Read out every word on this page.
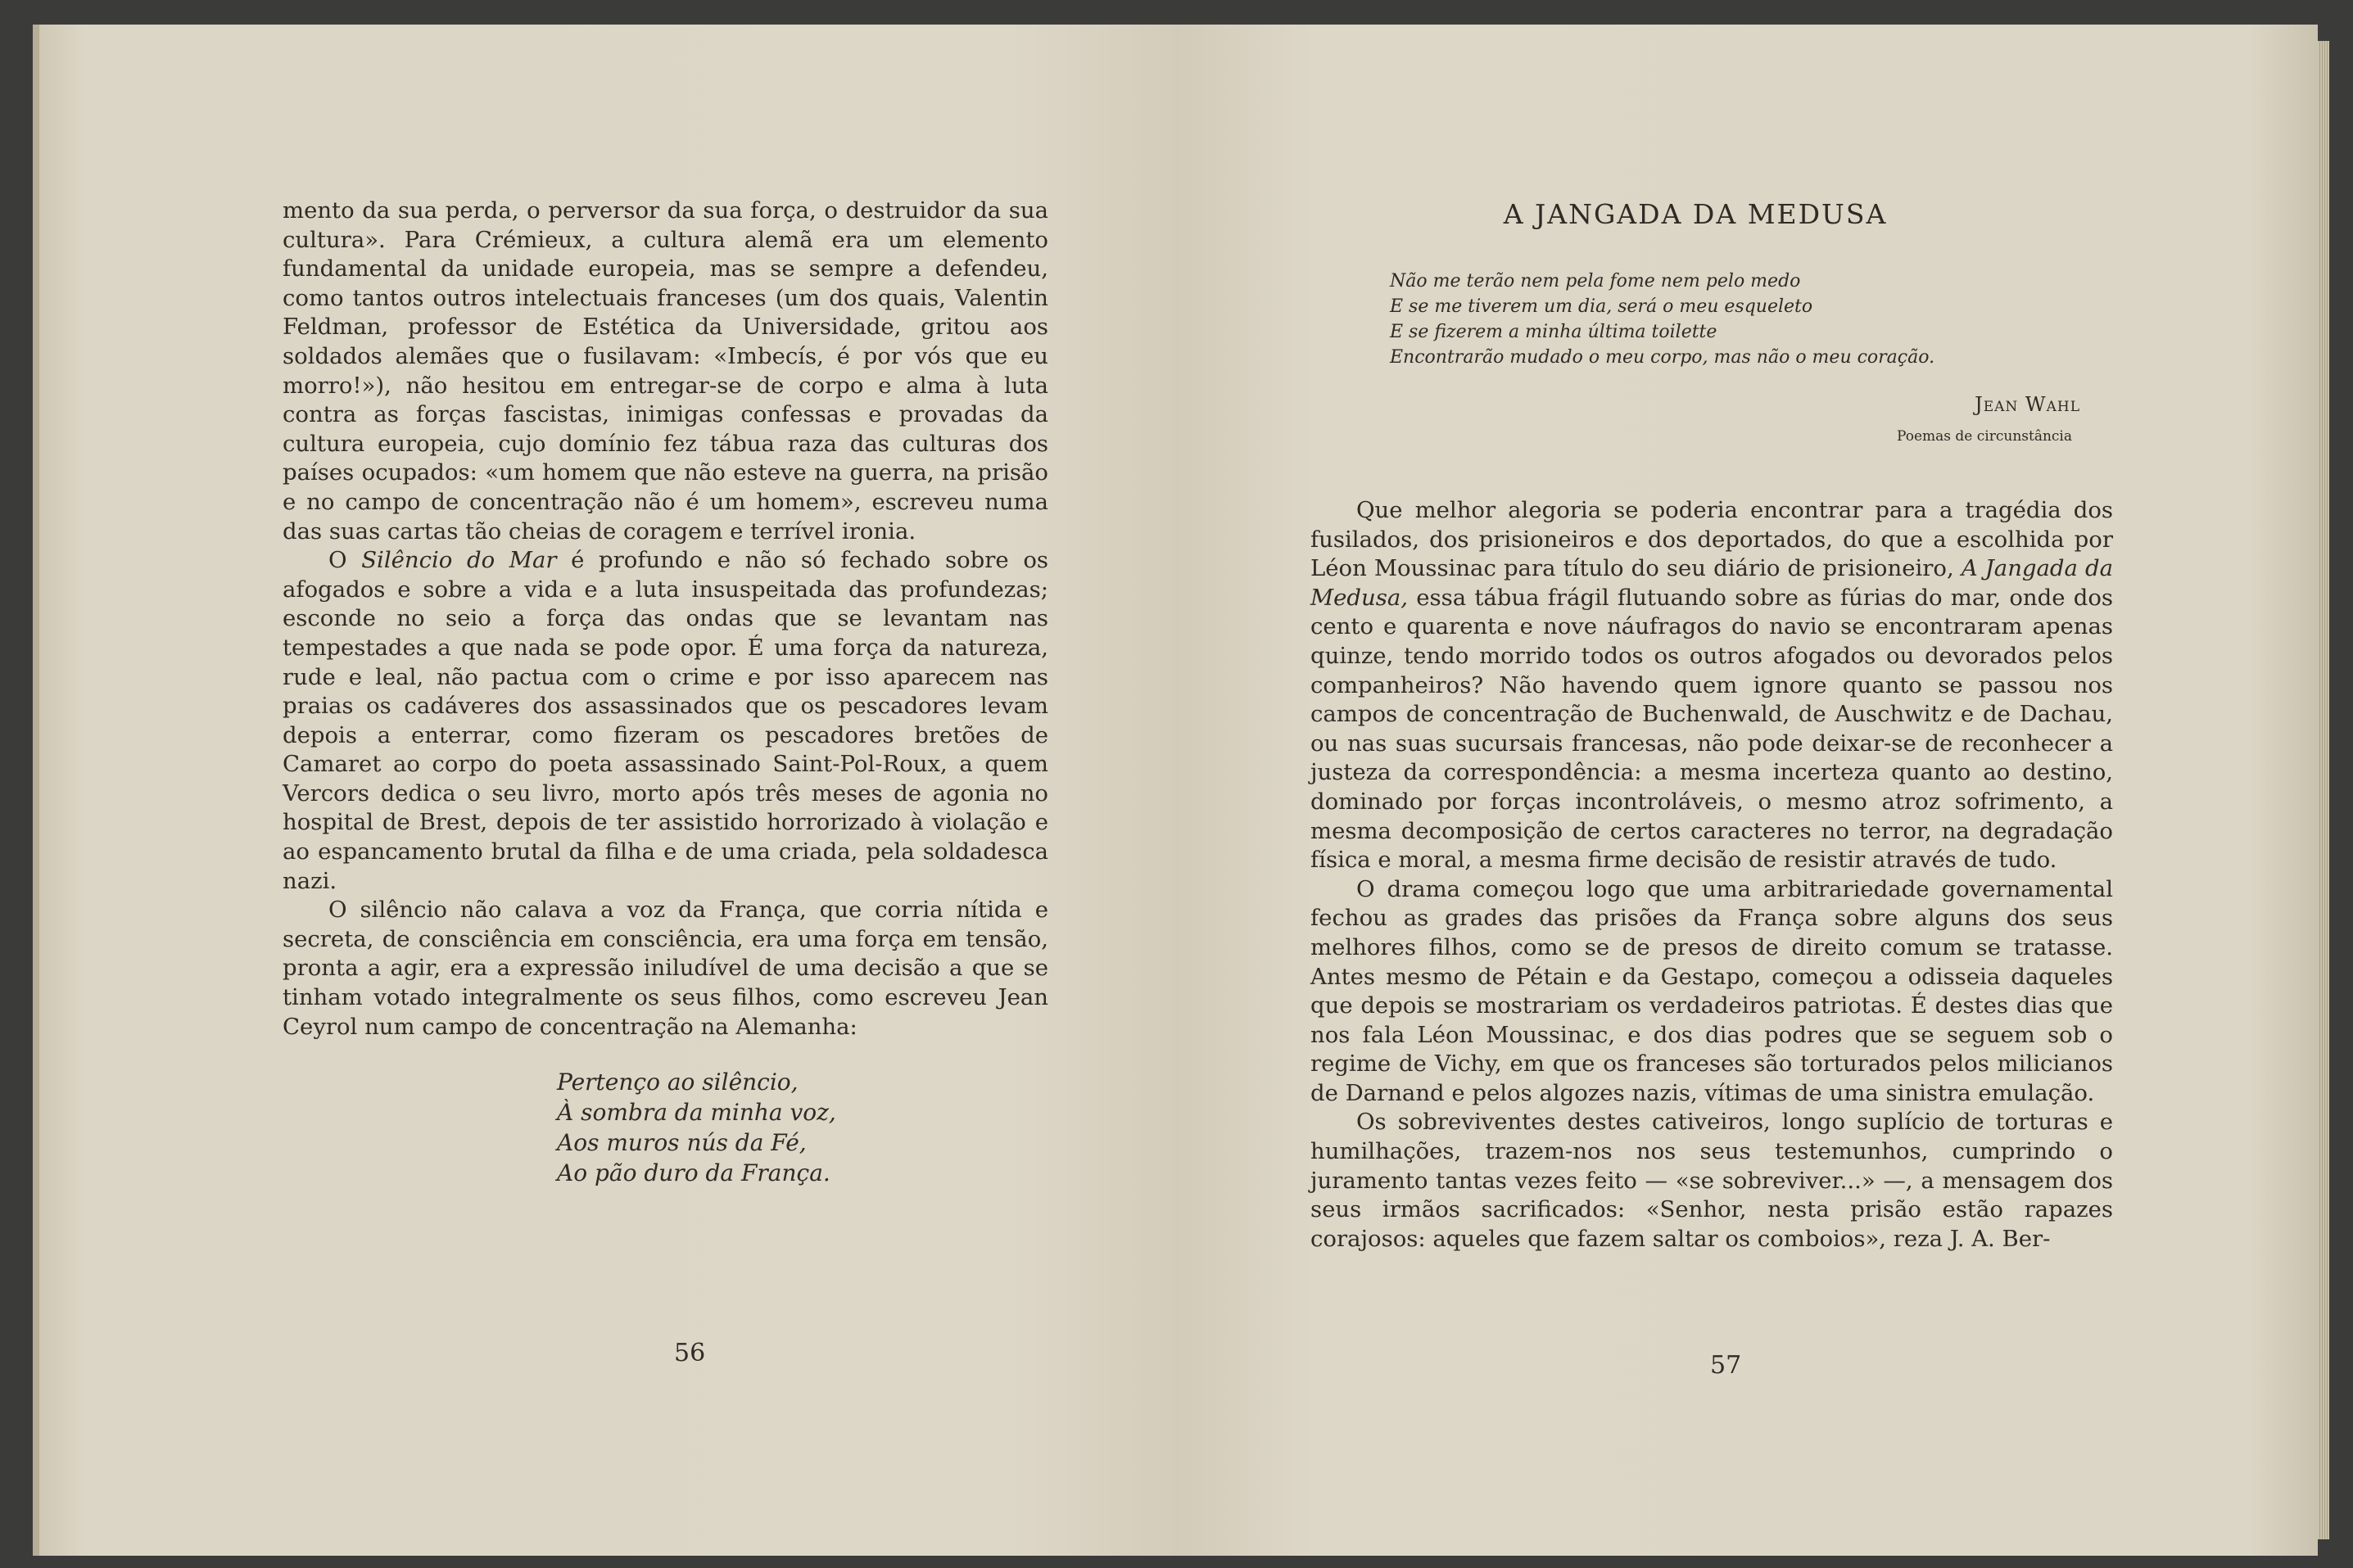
mento da sua perda, o perversor da sua força, o destruidor da sua cultura». Para Crémieux, a cultura alemã era um elemento fundamental da unidade europeia, mas se sempre a defendeu, como tantos outros intelectuais franceses (um dos quais, Valentin Feldman, professor de Estética da Universidade, gritou aos soldados alemães que o fusilavam: «Imbecís, é por vós que eu morro!»), não hesitou em entregar-se de corpo e alma à luta contra as forças fascistas, inimigas confessas e provadas da cultura europeia, cujo domínio fez tábua raza das culturas dos países ocupados: «um homem que não esteve na guerra, na prisão e no campo de concentração não é um homem», escreveu numa das suas cartas tão cheias de coragem e terrível ironia.

O Silêncio do Mar é profundo e não só fechado sobre os afogados e sobre a vida e a luta insuspeitada das profundezas; esconde no seio a força das ondas que se levantam nas tempestades a que nada se pode opor. É uma força da natureza, rude e leal, não pactua com o crime e por isso aparecem nas praias os cadáveres dos assassinados que os pescadores levam depois a enterrar, como fizeram os pescadores bretões de Camaret ao corpo do poeta assassinado Saint-Pol-Roux, a quem Vercors dedica o seu livro, morto após três meses de agonia no hospital de Brest, depois de ter assistido horrorizado à violação e ao espancamento brutal da filha e de uma criada, pela soldadesca nazi.

O silêncio não calava a voz da França, que corria nítida e secreta, de consciência em consciência, era uma força em tensão, pronta a agir, era a expressão iniludível de uma decisão a que se tinham votado integralmente os seus filhos, como escreveu Jean Ceyrol num campo de concentração na Alemanha:

Pertenço ao silêncio,
À sombra da minha voz,
Aos muros nús da Fé,
Ao pão duro da França.
56
A JANGADA DA MEDUSA
Não me terão nem pela fome nem pelo medo
E se me tiverem um dia, será o meu esqueleto
E se fizerem a minha última toilette
Encontrarão mudado o meu corpo, mas não o meu coração.
Jean Wahl
Poemas de circunstância

Que melhor alegoria se poderia encontrar para a tragédia dos fusilados, dos prisioneiros e dos deportados, do que a escolhida por Léon Moussinac para título do seu diário de prisioneiro, A Jangada da Medusa, essa tábua frágil flutuando sobre as fúrias do mar, onde dos cento e quarenta e nove náufragos do navio se encontraram apenas quinze, tendo morrido todos os outros afogados ou devorados pelos companheiros? Não havendo quem ignore quanto se passou nos campos de concentração de Buchenwald, de Auschwitz e de Dachau, ou nas suas sucursais francesas, não pode deixar-se de reconhecer a justeza da correspondência: a mesma incerteza quanto ao destino, dominado por forças incontroláveis, o mesmo atroz sofrimento, a mesma decomposição de certos caracteres no terror, na degradação física e moral, a mesma firme decisão de resistir através de tudo.

O drama começou logo que uma arbitrariedade governamental fechou as grades das prisões da França sobre alguns dos seus melhores filhos, como se de presos de direito comum se tratasse. Antes mesmo de Pétain e da Gestapo, começou a odisseia daqueles que depois se mostrariam os verdadeiros patriotas. É destes dias que nos fala Léon Moussinac, e dos dias podres que se seguem sob o regime de Vichy, em que os franceses são torturados pelos milicianos de Darnand e pelos algozes nazis, vítimas de uma sinistra emulação.

Os sobreviventes destes cativeiros, longo suplício de torturas e humilhações, trazem-nos nos seus testemunhos, cumprindo o juramento tantas vezes feito — «se sobreviver...» —, a mensagem dos seus irmãos sacrificados: «Senhor, nesta prisão estão rapazes corajosos: aqueles que fazem saltar os comboios», reza J. A. Ber-

57
